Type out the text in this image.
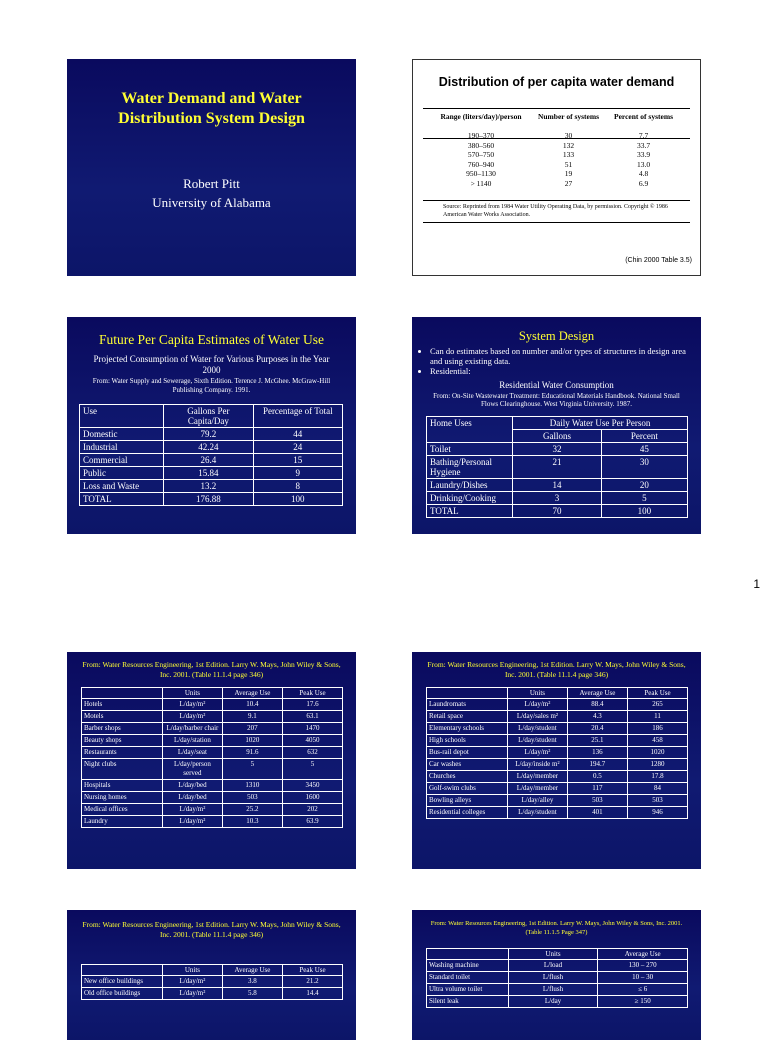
Water Demand and Water Distribution System Design
Robert Pitt
University of Alabama
Distribution of per capita water demand
Range (liters/day)/person	Number of systems	Percent of systems
190–370	30	7.7
380–560	132	33.7
570–750	133	33.9
760–940	51	13.0
950–1130	19	4.8
> 1140	27	6.9
Source: Reprinted from 1984 Water Utility Operating Data, by permission. Copyright © 1986 American Water Works Association.
(Chin 2000 Table 3.5)
Future Per Capita Estimates of Water Use
Projected Consumption of Water for Various Purposes in the Year 2000
From: Water Supply and Sewerage, Sixth Edition. Terence J. McGhee. McGraw-Hill Publishing Company. 1991.
Use	Gallons Per Capita/Day	Percentage of Total
Domestic	79.2	44
Industrial	42.24	24
Commercial	26.4	15
Public	15.84	9
Loss and Waste	13.2	8
TOTAL	176.88	100
System Design
• Can do estimates based on number and/or types of structures in design area and using existing data.
• Residential:
Residential Water Consumption
From: On-Site Wastewater Treatment: Educational Materials Handbook. National Small Flows Clearinghouse. West Virginia University. 1987.
Home Uses	Daily Water Use Per Person	
	Gallons	Percent
Toilet	32	45
Bathing/Personal Hygiene	21	30
Laundry/Dishes	14	20
Drinking/Cooking	3	5
TOTAL	70	100
1
From: Water Resources Engineering, 1st Edition. Larry W. Mays, John Wiley & Sons, Inc. 2001. (Table 11.1.4 page 346)
	Units	Average Use	Peak Use
Hotels	L/day/m²	10.4	17.6
Motels	L/day/m²	9.1	63.1
Barber shops	L/day/barber chair	207	1470
Beauty shops	L/day/station	1020	4050
Restaurants	L/day/seat	91.6	632
Night clubs	L/day/person served	5	5
Hospitals	L/day/bed	1310	3450
Nursing homes	L/day/bed	503	1600
Medical offices	L/day/m²	25.2	202
Laundry	L/day/m²	10.3	63.9
From: Water Resources Engineering, 1st Edition. Larry W. Mays, John Wiley & Sons, Inc. 2001. (Table 11.1.4 page 346)
	Units	Average Use	Peak Use
Laundromats	L/day/m²	88.4	265
Retail space	L/day/sales m²	4.3	11
Elementary schools	L/day/student	20.4	186
High schools	L/day/student	25.1	458
Bus-rail depot	L/day/m²	136	1020
Car washes	L/day/inside m²	194.7	1280
Churches	L/day/member	0.5	17.8
Golf-swim clubs	L/day/member	117	84
Bowling alleys	L/day/alley	503	503
Residential colleges	L/day/student	401	946
From: Water Resources Engineering, 1st Edition. Larry W. Mays, John Wiley & Sons, Inc. 2001. (Table 11.1.4 page 346)
	Units	Average Use	Peak Use
New office buildings	L/day/m²	3.8	21.2
Old office buildings	L/day/m²	5.8	14.4
From: Water Resources Engineering, 1st Edition. Larry W. Mays, John Wiley & Sons, Inc. 2001. (Table 11.1.5 Page 347)
	Units	Average Use
Washing machine	L/load	130 – 270
Standard toilet	L/flush	10 – 30
Ultra volume toilet	L/flush	≤ 6
Silent leak	L/day	≥ 150
